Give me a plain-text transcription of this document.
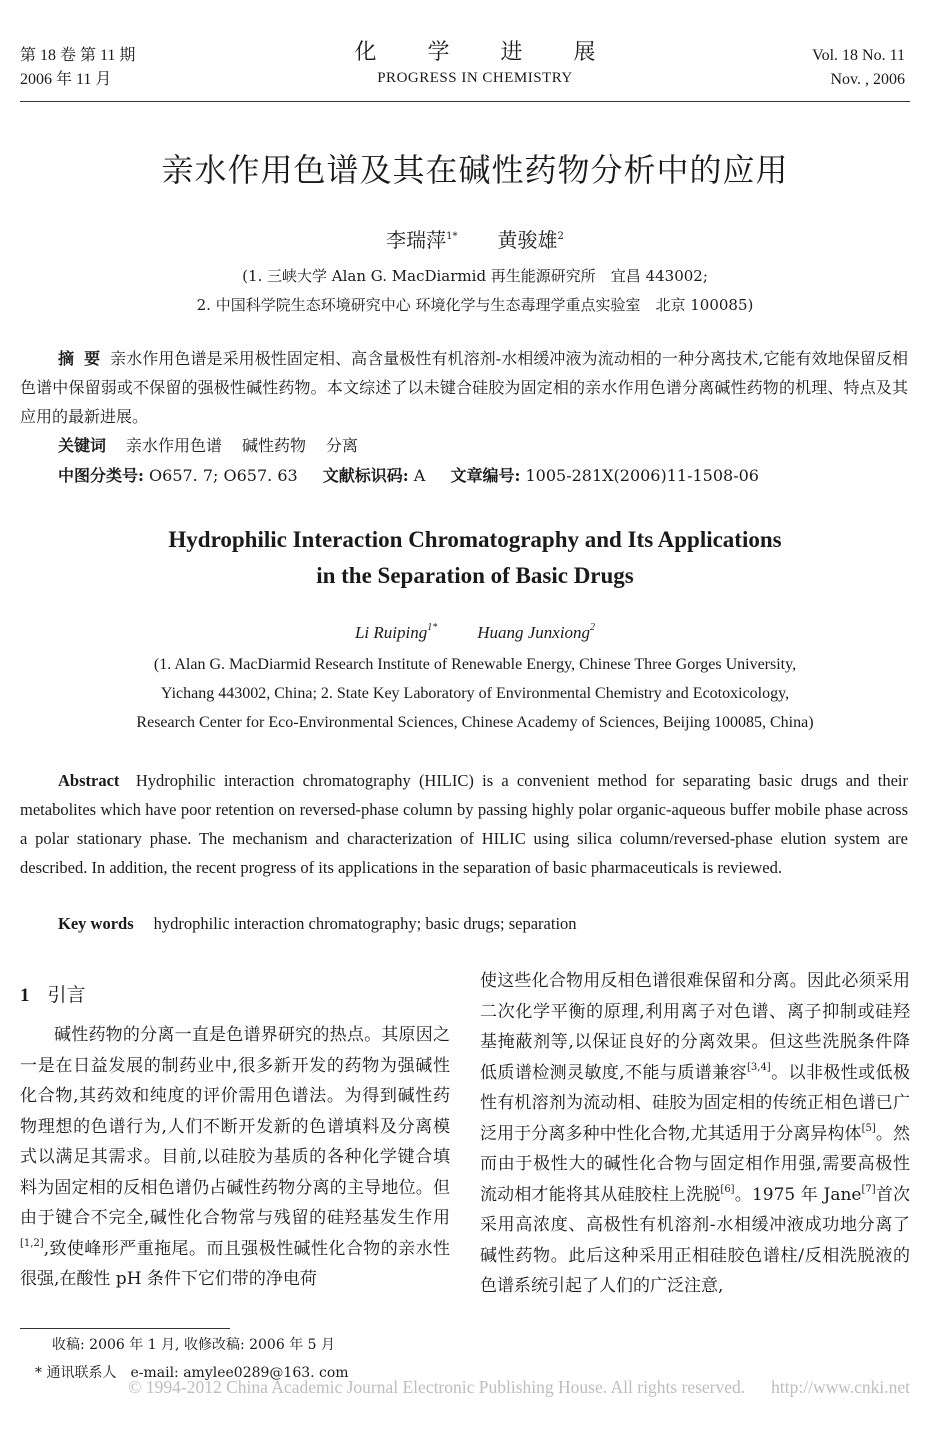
第 18 卷 第 11 期
2006 年 11 月
化 学 进 展
PROGRESS IN CHEMISTRY
Vol. 18 No. 11
Nov. , 2006
亲水作用色谱及其在碱性药物分析中的应用
李瑞萍$^{1*}$ 黄骏雄$^2$
(1. 三峡大学 Alan G. MacDiarmid 再生能源研究所　宜昌 443002;
2. 中国科学院生态环境研究中心 环境化学与生态毒理学重点实验室　北京 100085)
摘要亲水作用色谱是采用极性固定相、高含量极性有机溶剂-水相缓冲液为流动相的一种分离技术,它能有效地保留反相色谱中保留弱或不保留的强极性碱性药物。本文综述了以未键合硅胶为固定相的亲水作用色谱分离碱性药物的机理、特点及其应用的最新进展。
关键词 亲水作用色谱 碱性药物 分离
中图分类号: O657. 7; O657. 63 文献标识码: A 文章编号: 1005-281X(2006)11-1508-06
Hydrophilic Interaction Chromatography and Its Applications
in the Separation of Basic Drugs
Li Ruiping$^{1*}$ Huang Junxiong$^2$
(1. Alan G. MacDiarmid Research Institute of Renewable Energy, Chinese Three Gorges University,
Yichang 443002, China; 2. State Key Laboratory of Environmental Chemistry and Ecotoxicology,
Research Center for Eco-Environmental Sciences, Chinese Academy of Sciences, Beijing 100085, China)
Abstract Hydrophilic interaction chromatography (HILIC) is a convenient method for separating basic drugs and their metabolites which have poor retention on reversed-phase column by passing highly polar organic-aqueous buffer mobile phase across a polar stationary phase. The mechanism and characterization of HILIC using silica column/reversed-phase elution system are described. In addition, the recent progress of its applications in the separation of basic pharmaceuticals is reviewed.
Key words hydrophilic interaction chromatography; basic drugs; separation
1 引言
碱性药物的分离一直是色谱界研究的热点。其原因之一是在日益发展的制药业中,很多新开发的药物为强碱性化合物,其药效和纯度的评价需用色谱法。为得到碱性药物理想的色谱行为,人们不断开发新的色谱填料及分离模式以满足其需求。目前,以硅胶为基质的各种化学键合填料为固定相的反相色谱仍占碱性药物分离的主导地位。但由于键合不完全,碱性化合物常与残留的硅羟基发生作用[1,2],致使峰形严重拖尾。而且强极性碱性化合物的亲水性很强,在酸性 pH 条件下它们带的净电荷
使这些化合物用反相色谱很难保留和分离。因此必须采用二次化学平衡的原理,利用离子对色谱、离子抑制或硅羟基掩蔽剂等,以保证良好的分离效果。但这些洗脱条件降低质谱检测灵敏度,不能与质谱兼容[3,4]。以非极性或低极性有机溶剂为流动相、硅胶为固定相的传统正相色谱已广泛用于分离多种中性化合物,尤其适用于分离异构体[5]。然而由于极性大的碱性化合物与固定相作用强,需要高极性流动相才能将其从硅胶柱上洗脱[6]。1975 年 Jane[7]首次采用高浓度、高极性有机溶剂-水相缓冲液成功地分离了碱性药物。此后这种采用正相硅胶色谱柱/反相洗脱液的色谱系统引起了人们的广泛注意,
收稿: 2006 年 1 月, 收修改稿: 2006 年 5 月
* 通讯联系人　e-mail: amylee0289@163. com
© 1994-2012 China Academic Journal Electronic Publishing House. All rights reserved. http://www.cnki.net
